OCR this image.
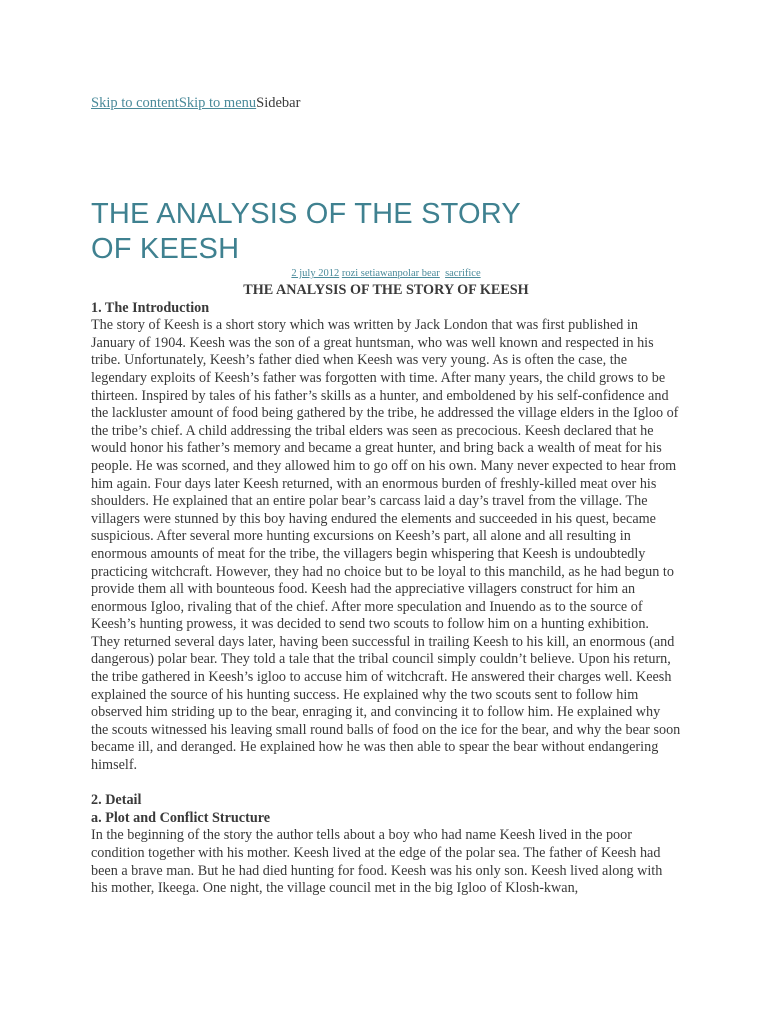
Skip to contentSkip to menuSidebar
THE ANALYSIS OF THE STORY OF KEESH
2 july 2012 rozi setiawanpolar bear sacrifice
THE ANALYSIS OF THE STORY OF KEESH
1. The Introduction

The story of Keesh is a short story which was written by Jack London that was first published in January of 1904. Keesh was the son of a great huntsman, who was well known and respected in his tribe. Unfortunately, Keesh’s father died when Keesh was very young. As is often the case, the legendary exploits of Keesh’s father was forgotten with time. After many years, the child grows to be thirteen. Inspired by tales of his father’s skills as a hunter, and emboldened by his self-confidence and the lackluster amount of food being gathered by the tribe, he addressed the village elders in the Igloo of the tribe’s chief. A child addressing the tribal elders was seen as precocious. Keesh declared that he would honor his father’s memory and became a great hunter, and bring back a wealth of meat for his people. He was scorned, and they allowed him to go off on his own. Many never expected to hear from him again. Four days later Keesh returned, with an enormous burden of freshly-killed meat over his shoulders. He explained that an entire polar bear’s carcass laid a day’s travel from the village. The villagers were stunned by this boy having endured the elements and succeeded in his quest, became suspicious. After several more hunting excursions on Keesh’s part, all alone and all resulting in enormous amounts of meat for the tribe, the villagers begin whispering that Keesh is undoubtedly practicing witchcraft. However, they had no choice but to be loyal to this manchild, as he had begun to provide them all with bounteous food. Keesh had the appreciative villagers construct for him an enormous Igloo, rivaling that of the chief. After more speculation and Inuendo as to the source of Keesh’s hunting prowess, it was decided to send two scouts to follow him on a hunting exhibition. They returned several days later, having been successful in trailing Keesh to his kill, an enormous (and dangerous) polar bear. They told a tale that the tribal council simply couldn’t believe. Upon his return, the tribe gathered in Keesh’s igloo to accuse him of witchcraft. He answered their charges well. Keesh explained the source of his hunting success. He explained why the two scouts sent to follow him observed him striding up to the bear, enraging it, and convincing it to follow him. He explained why the scouts witnessed his leaving small round balls of food on the ice for the bear, and why the bear soon became ill, and deranged. He explained how he was then able to spear the bear without endangering himself.

2. Detail
a. Plot and Conflict Structure

In the beginning of the story the author tells about a boy who had name Keesh lived in the poor condition together with his mother. Keesh lived at the edge of the polar sea. The father of Keesh had been a brave man. But he had died hunting for food. Keesh was his only son. Keesh lived along with his mother, Ikeega. One night, the village council met in the big Igloo of Klosh-kwan,
